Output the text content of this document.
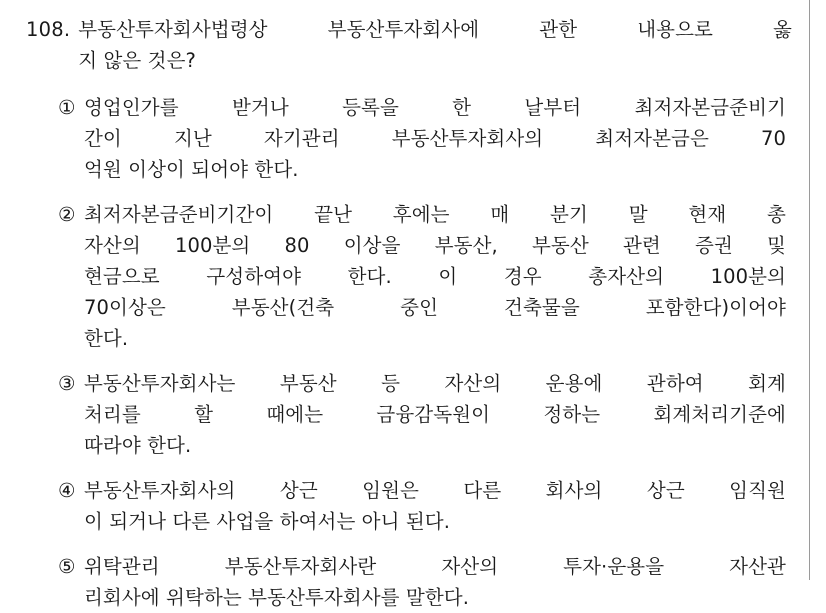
108. 부동산투자회사법령상 부동산투자회사에 관한 내용으로 옳
지 않은 것은?
① 영업인가를 받거나 등록을 한 날부터 최저자본금준비기
간이 지난 자기관리 부동산투자회사의 최저자본금은 70
억원 이상이 되어야 한다.
② 최저자본금준비기간이 끝난 후에는 매 분기 말 현재 총
자산의 100분의 80 이상을 부동산, 부동산 관련 증권 및
현금으로 구성하여야 한다. 이 경우 총자산의 100분의
70이상은 부동산(건축 중인 건축물을 포함한다)이어야
한다.
③ 부동산투자회사는 부동산 등 자산의 운용에 관하여 회계
처리를 할 때에는 금융감독원이 정하는 회계처리기준에
따라야 한다.
④ 부동산투자회사의 상근 임원은 다른 회사의 상근 임직원
이 되거나 다른 사업을 하여서는 아니 된다.
⑤ 위탁관리 부동산투자회사란 자산의 투자·운용을 자산관
리회사에 위탁하는 부동산투자회사를 말한다.
